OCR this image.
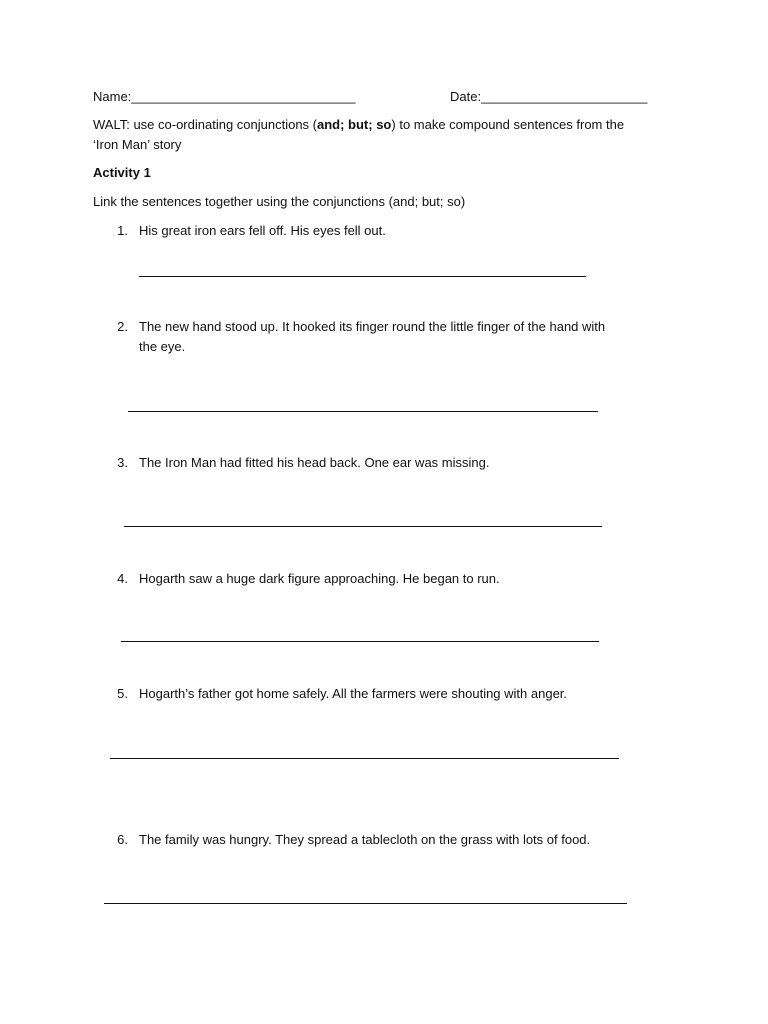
Name:_______________________________	Date:_______________________
WALT: use co-ordinating conjunctions (and; but; so) to make compound sentences from the
‘Iron Man’ story
Activity 1
Link the sentences together using the conjunctions (and; but; so)
1. His great iron ears fell off. His eyes fell out.
2. The new hand stood up. It hooked its finger round the little finger of the hand with
the eye.
3. The Iron Man had fitted his head back. One ear was missing.
4. Hogarth saw a huge dark figure approaching. He began to run.
5. Hogarth’s father got home safely. All the farmers were shouting with anger.
6. The family was hungry. They spread a tablecloth on the grass with lots of food.
